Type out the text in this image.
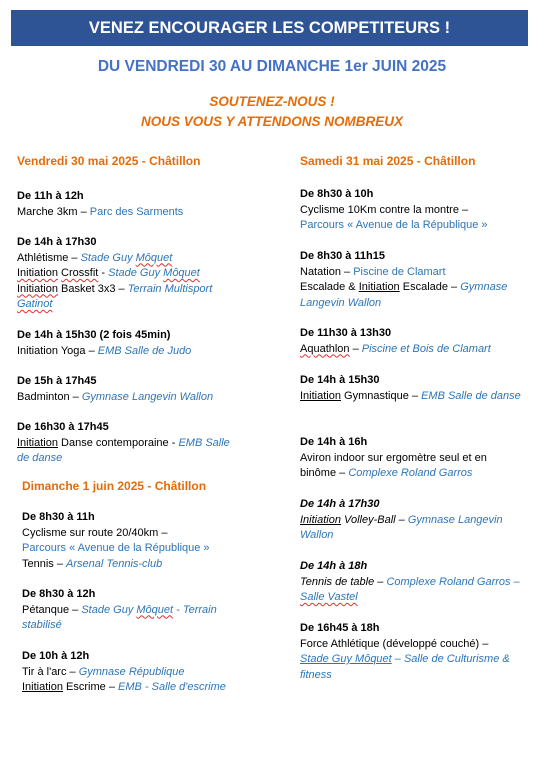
VENEZ ENCOURAGER LES COMPETITEURS !
DU VENDREDI 30 AU DIMANCHE 1er JUIN 2025
SOUTENEZ-NOUS !
NOUS VOUS Y ATTENDONS NOMBREUX
Vendredi 30 mai 2025 - Châtillon
De 11h à 12h
Marche 3km – Parc des Sarments
De 14h à 17h30
Athlétisme – Stade Guy Môquet
Initiation Crossfit - Stade Guy Môquet
Initiation Basket 3x3 – Terrain Multisport Gatinot
De 14h à 15h30 (2 fois 45min)
Initiation Yoga – EMB Salle de Judo
De 15h à 17h45
Badminton – Gymnase Langevin Wallon
De 16h30 à 17h45
Initiation Danse contemporaine - EMB Salle de danse
Dimanche 1 juin 2025 - Châtillon
De 8h30 à 11h
Cyclisme sur route 20/40km –
Parcours « Avenue de la République »
Tennis – Arsenal Tennis-club
De 8h30 à 12h
Pétanque – Stade Guy Môquet - Terrain stabilisé
De 10h à 12h
Tir à l'arc – Gymnase République
Initiation Escrime – EMB - Salle d'escrime
Samedi 31 mai 2025 - Châtillon
De 8h30 à 10h
Cyclisme 10Km contre la montre –
Parcours « Avenue de la République »
De 8h30 à 11h15
Natation – Piscine de Clamart
Escalade & Initiation Escalade – Gymnase Langevin Wallon
De 11h30 à 13h30
Aquathlon – Piscine et Bois de Clamart
De 14h à 15h30
Initiation Gymnastique – EMB Salle de danse
De 14h à 16h
Aviron indoor sur ergomètre seul et en binôme – Complexe Roland Garros
De 14h à 17h30
Initiation Volley-Ball – Gymnase Langevin Wallon
De 14h à 18h
Tennis de table – Complexe Roland Garros – Salle Vastel
De 16h45 à 18h
Force Athlétique (développé couché) –
Stade Guy Môquet – Salle de Culturisme & fitness
